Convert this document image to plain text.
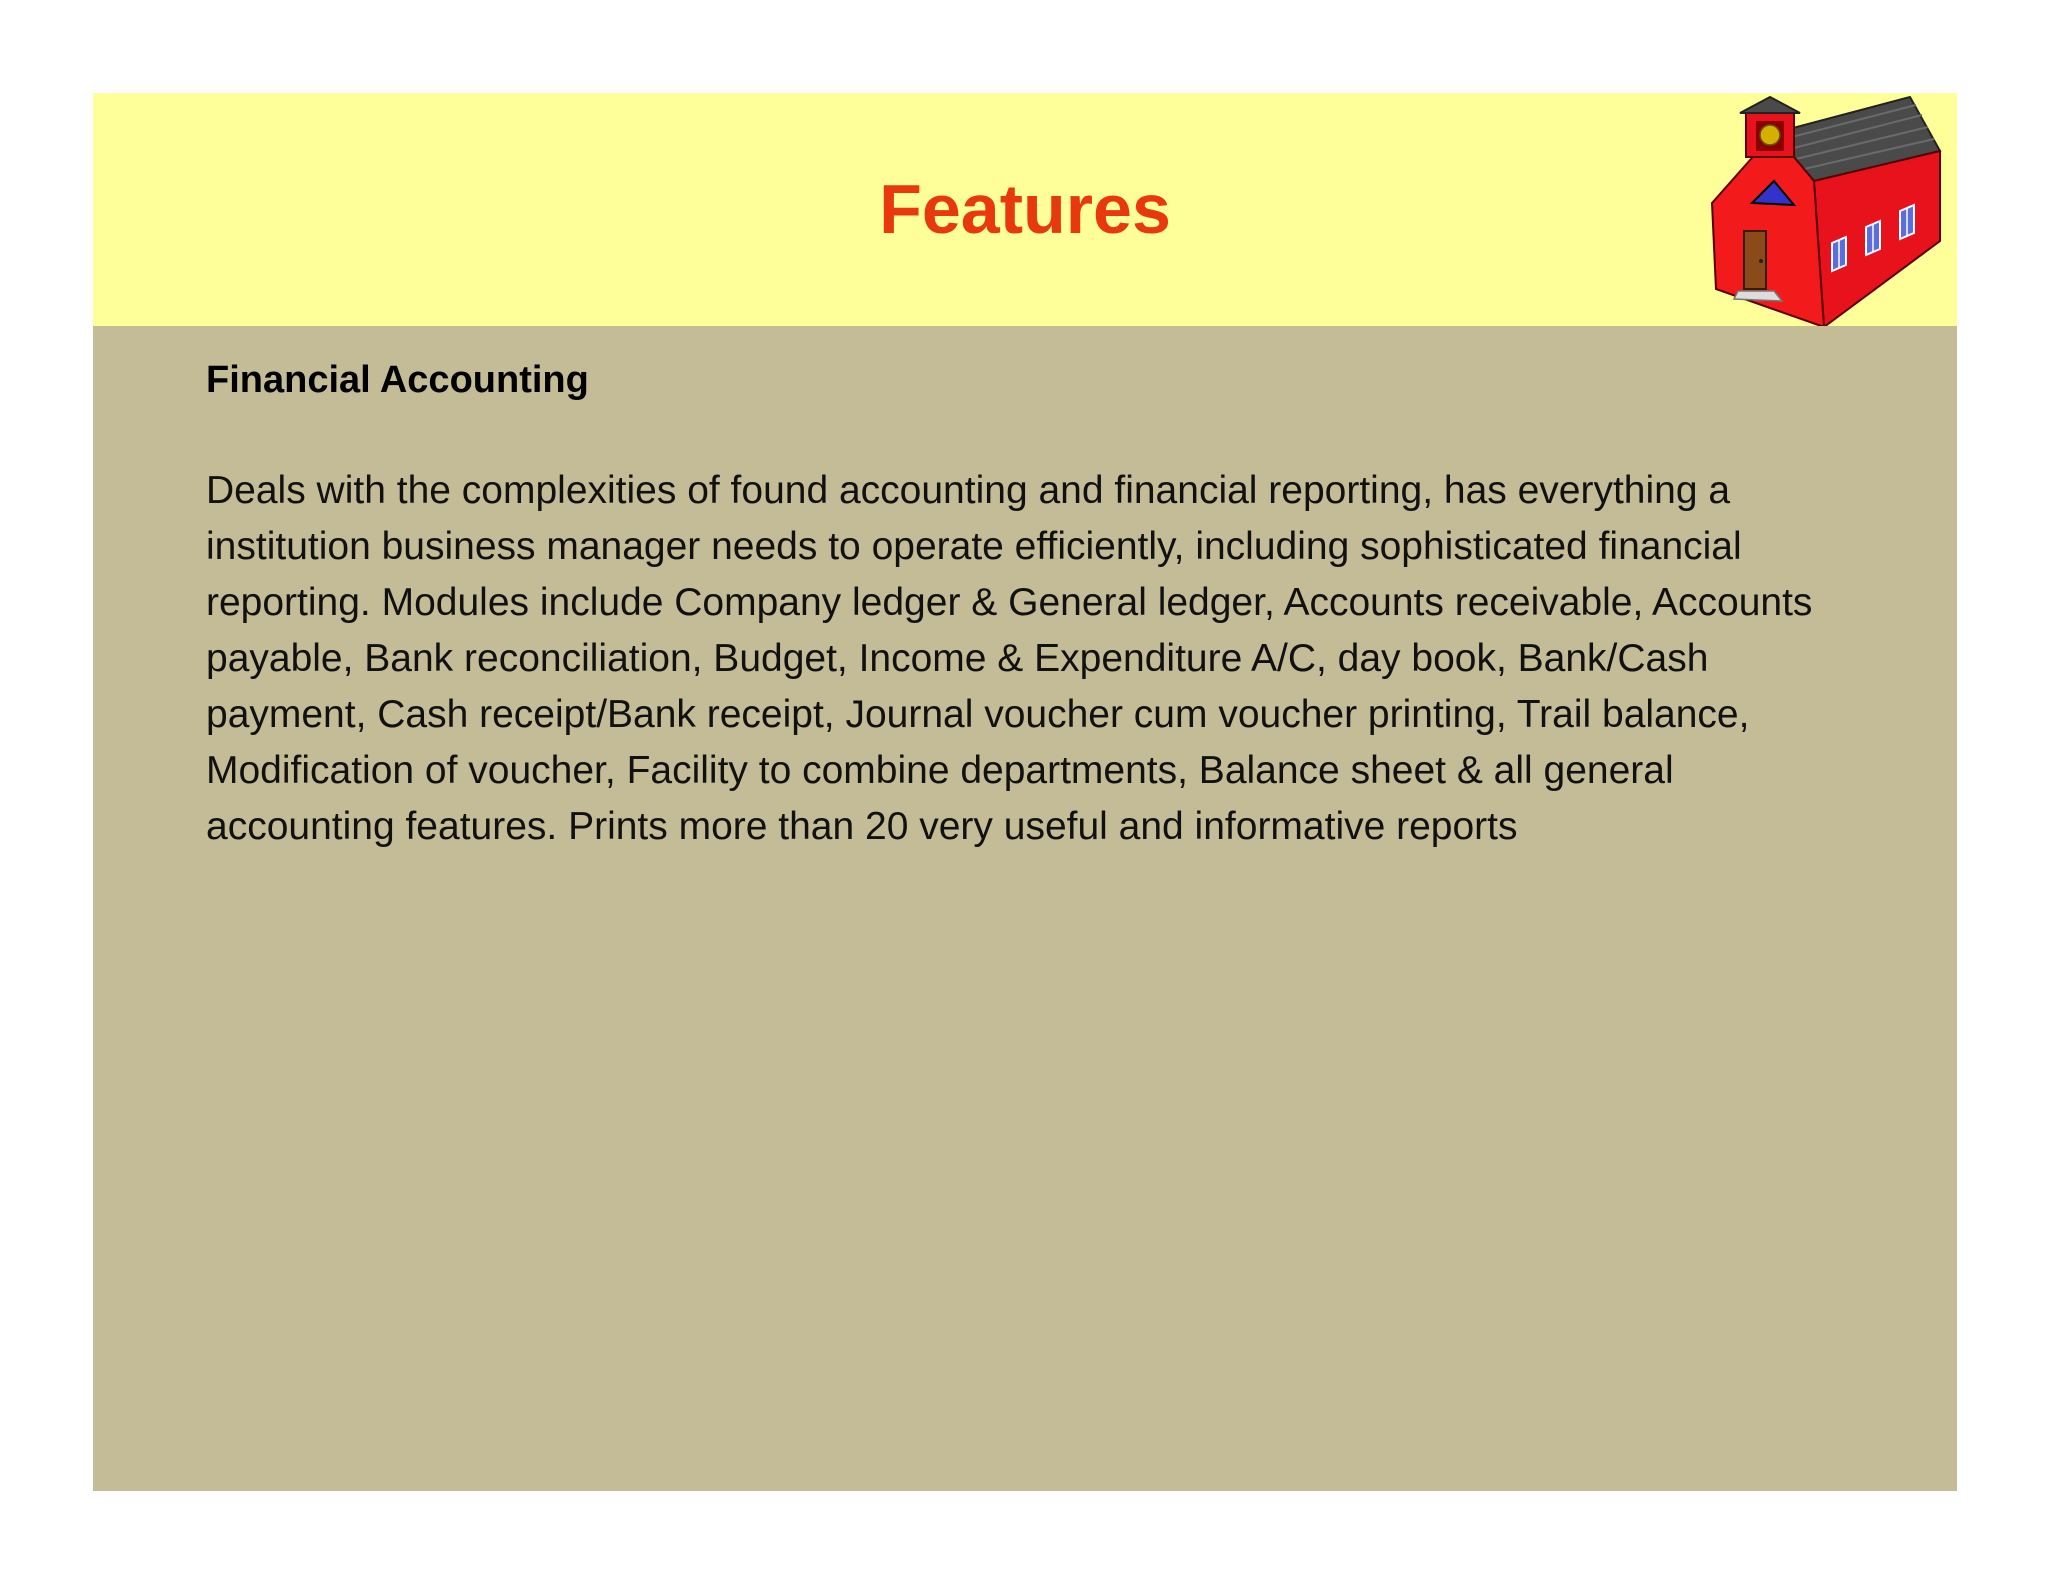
Features
Financial Accounting

Deals with the complexities of found accounting and financial reporting, has everything a institution business manager needs to operate efficiently, including sophisticated financial reporting. Modules include Company ledger & General ledger, Accounts receivable, Accounts payable, Bank reconciliation, Budget, Income & Expenditure A/C, day book, Bank/Cash payment, Cash receipt/Bank receipt, Journal voucher cum voucher printing, Trail balance, Modification of voucher, Facility to combine departments, Balance sheet & all general accounting features. Prints more than 20 very useful and informative reports
